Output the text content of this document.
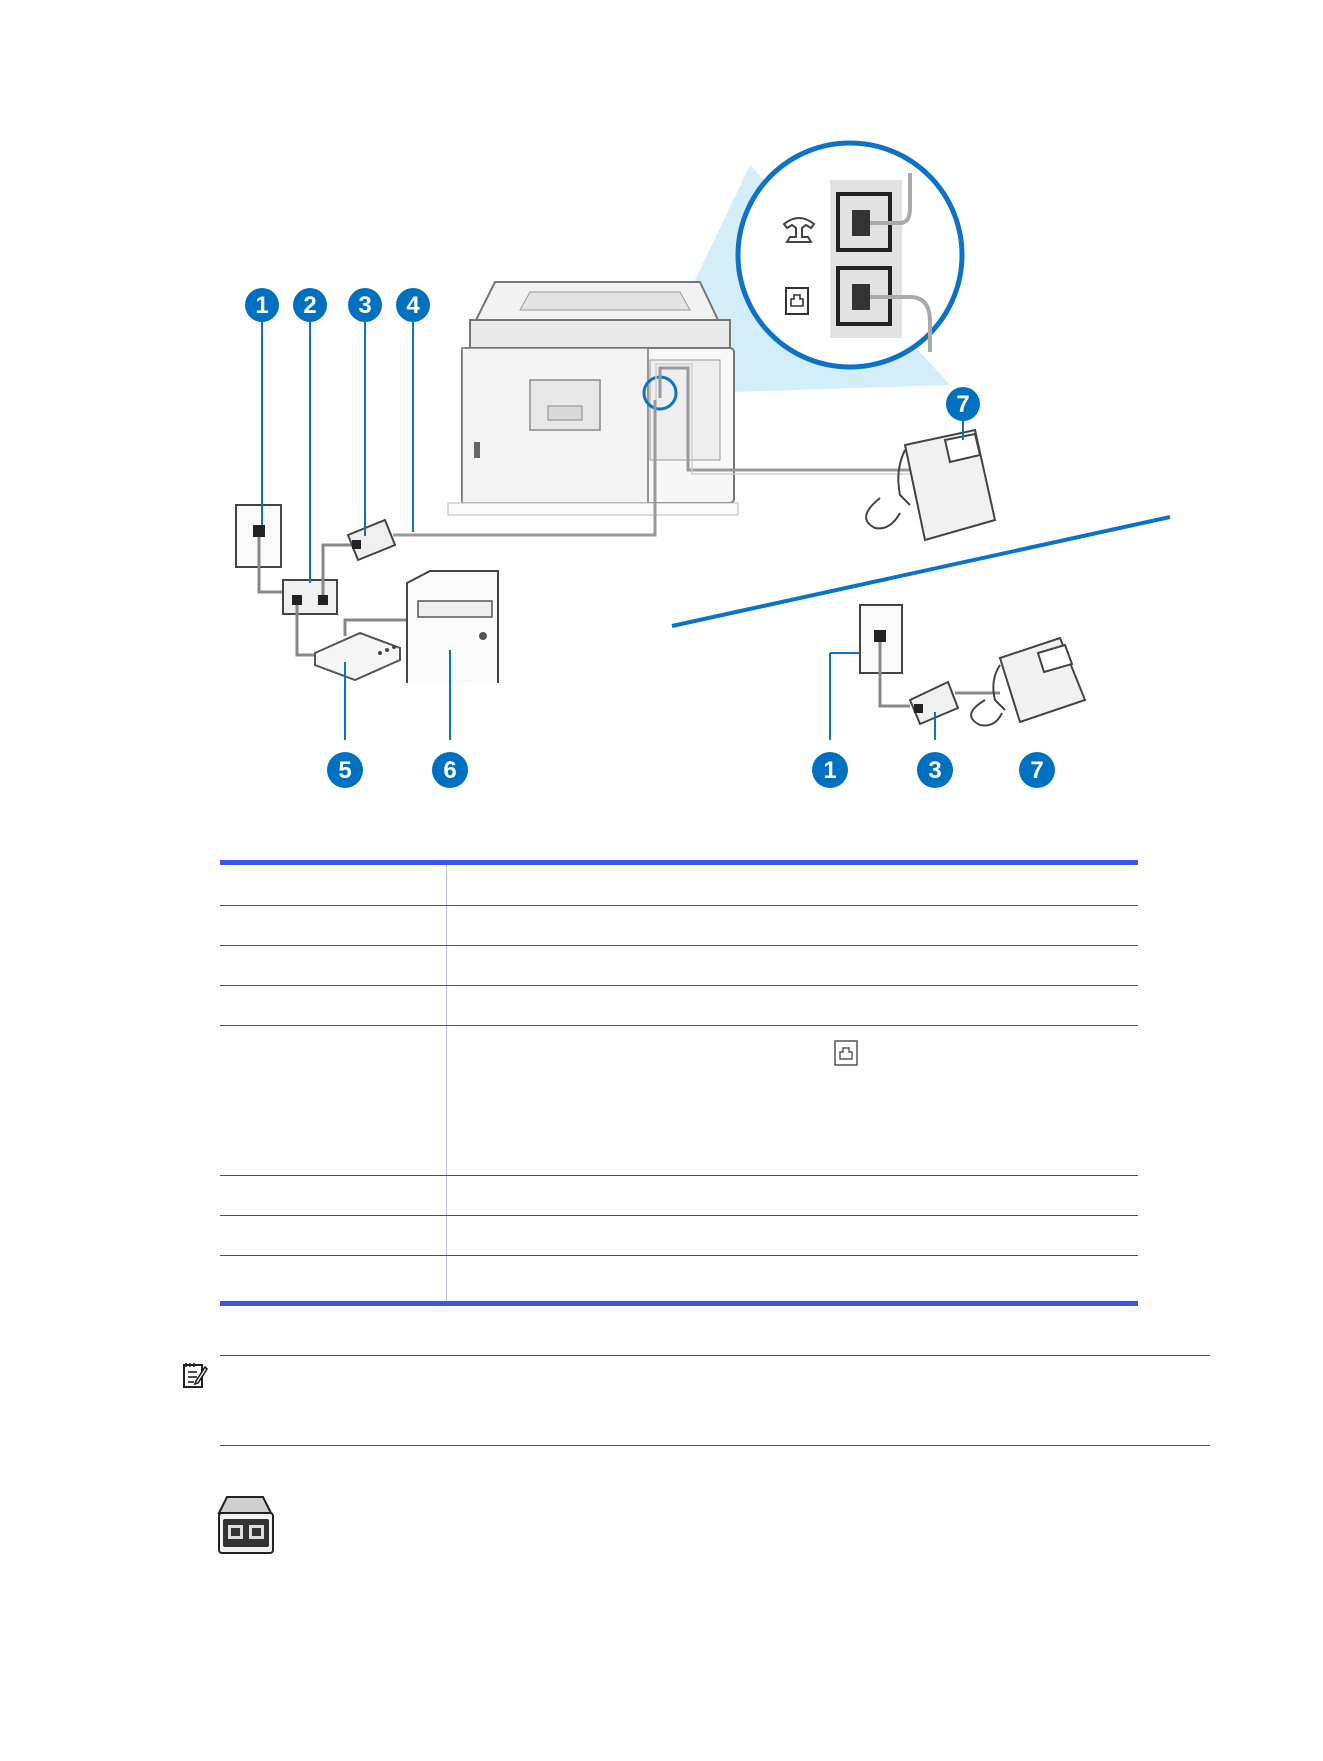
1 2 3 4
7
5	6	1	3	7
